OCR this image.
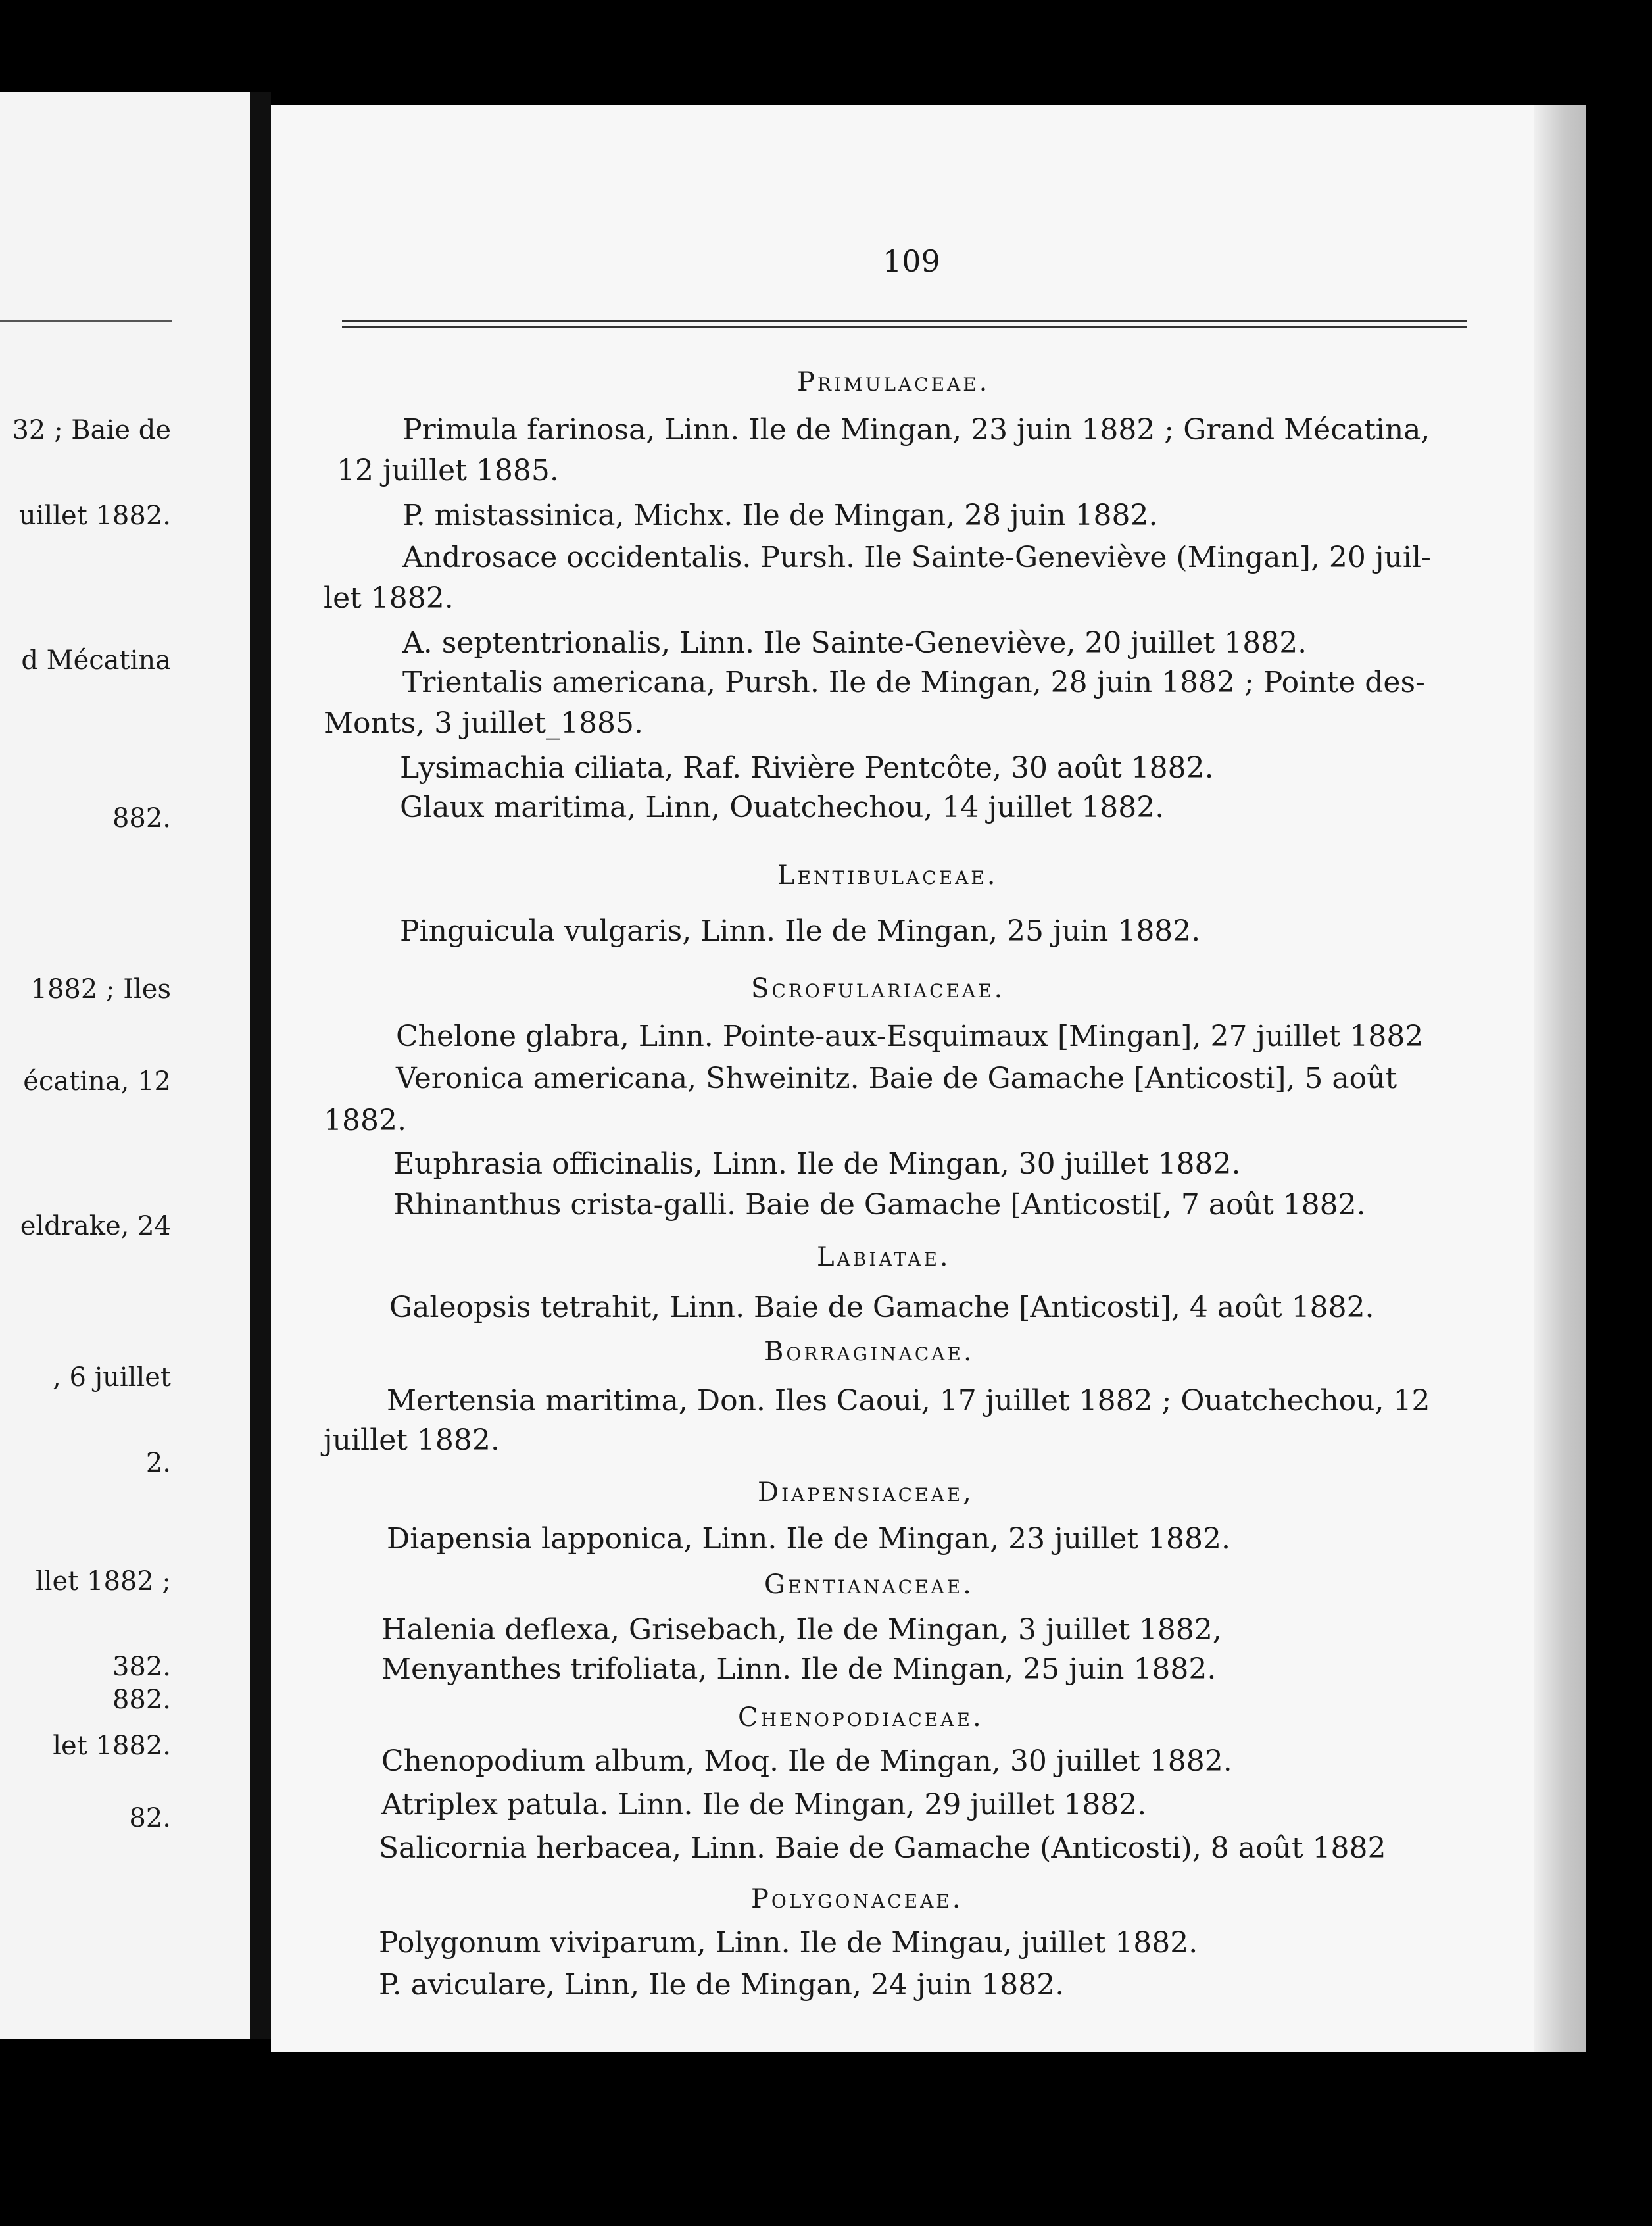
32 ; Baie de
uillet 1882.
d Mécatina
882.
1882 ; Iles
écatina, 12
eldrake, 24
, 6 juillet
2.
llet 1882 ;
382.
882.
let 1882.
82.
109
Primulaceae.
Primula farinosa, Linn. Ile de Mingan, 23 juin 1882 ; Grand Mécatina,
12 juillet 1885.
P. mistassinica, Michx. Ile de Mingan, 28 juin 1882.
Androsace occidentalis. Pursh. Ile Sainte-Geneviève (Mingan], 20 juil-
let 1882.
A. septentrionalis, Linn. Ile Sainte-Geneviève, 20 juillet 1882.
Trientalis americana, Pursh. Ile de Mingan, 28 juin 1882 ; Pointe des-
Monts, 3 juillet_1885.
Lysimachia ciliata, Raf. Rivière Pentcôte, 30 août 1882.
Glaux maritima, Linn, Ouatchechou, 14 juillet 1882.
Lentibulaceae.
Pinguicula vulgaris, Linn. Ile de Mingan, 25 juin 1882.
Scrofulariaceae.
Chelone glabra, Linn. Pointe-aux-Esquimaux [Mingan], 27 juillet 1882
Veronica americana, Shweinitz. Baie de Gamache [Anticosti], 5 août
1882.
Euphrasia officinalis, Linn. Ile de Mingan, 30 juillet 1882.
Rhinanthus crista-galli. Baie de Gamache [Anticosti[, 7 août 1882.
Labiatae.
Galeopsis tetrahit, Linn. Baie de Gamache [Anticosti], 4 août 1882.
Borraginacae.
Mertensia maritima, Don. Iles Caoui, 17 juillet 1882 ; Ouatchechou, 12
juillet 1882.
Diapensiaceae,
Diapensia lapponica, Linn. Ile de Mingan, 23 juillet 1882.
Gentianaceae.
Halenia deflexa, Grisebach, Ile de Mingan, 3 juillet 1882,
Menyanthes trifoliata, Linn. Ile de Mingan, 25 juin 1882.
Chenopodiaceae.
Chenopodium album, Moq. Ile de Mingan, 30 juillet 1882.
Atriplex patula. Linn. Ile de Mingan, 29 juillet 1882.
Salicornia herbacea, Linn. Baie de Gamache (Anticosti), 8 août 1882
Polygonaceae.
Polygonum viviparum, Linn. Ile de Mingau, juillet 1882.
P. aviculare, Linn, Ile de Mingan, 24 juin 1882.
